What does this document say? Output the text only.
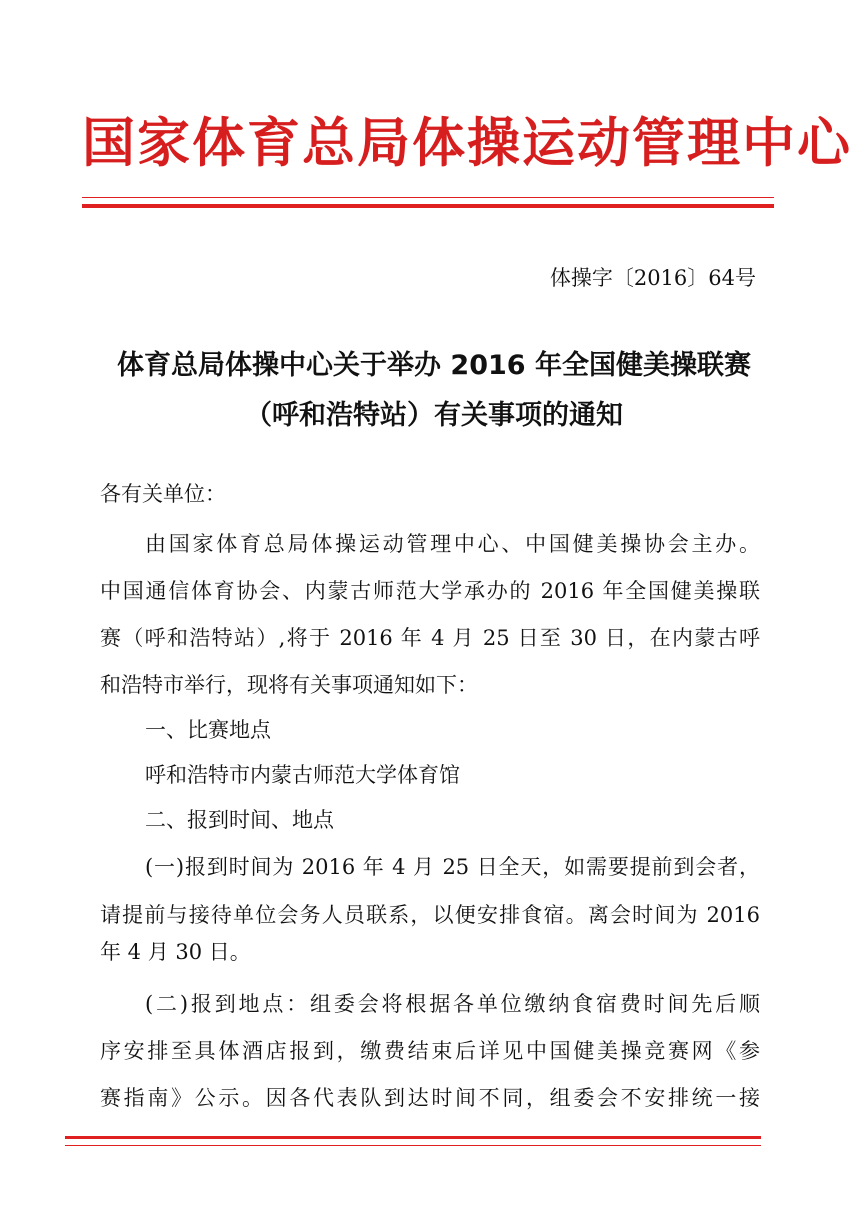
国家体育总局体操运动管理中心
体操字〔2016〕64号
体育总局体操中心关于举办 2016 年全国健美操联赛
（呼和浩特站）有关事项的通知
各有关单位：
由国家体育总局体操运动管理中心、中国健美操协会主办。
中国通信体育协会、内蒙古师范大学承办的 2016 年全国健美操联
赛（呼和浩特站）,将于 2016 年 4 月 25 日至 30 日，在内蒙古呼
和浩特市举行，现将有关事项通知如下：
一、比赛地点
呼和浩特市内蒙古师范大学体育馆
二、报到时间、地点
(一)报到时间为 2016 年 4 月 25 日全天，如需要提前到会者，
请提前与接待单位会务人员联系，以便安排食宿。离会时间为 2016
年 4 月 30 日。
(二)报到地点：组委会将根据各单位缴纳食宿费时间先后顺
序安排至具体酒店报到，缴费结束后详见中国健美操竞赛网《参
赛指南》公示。因各代表队到达时间不同，组委会不安排统一接
